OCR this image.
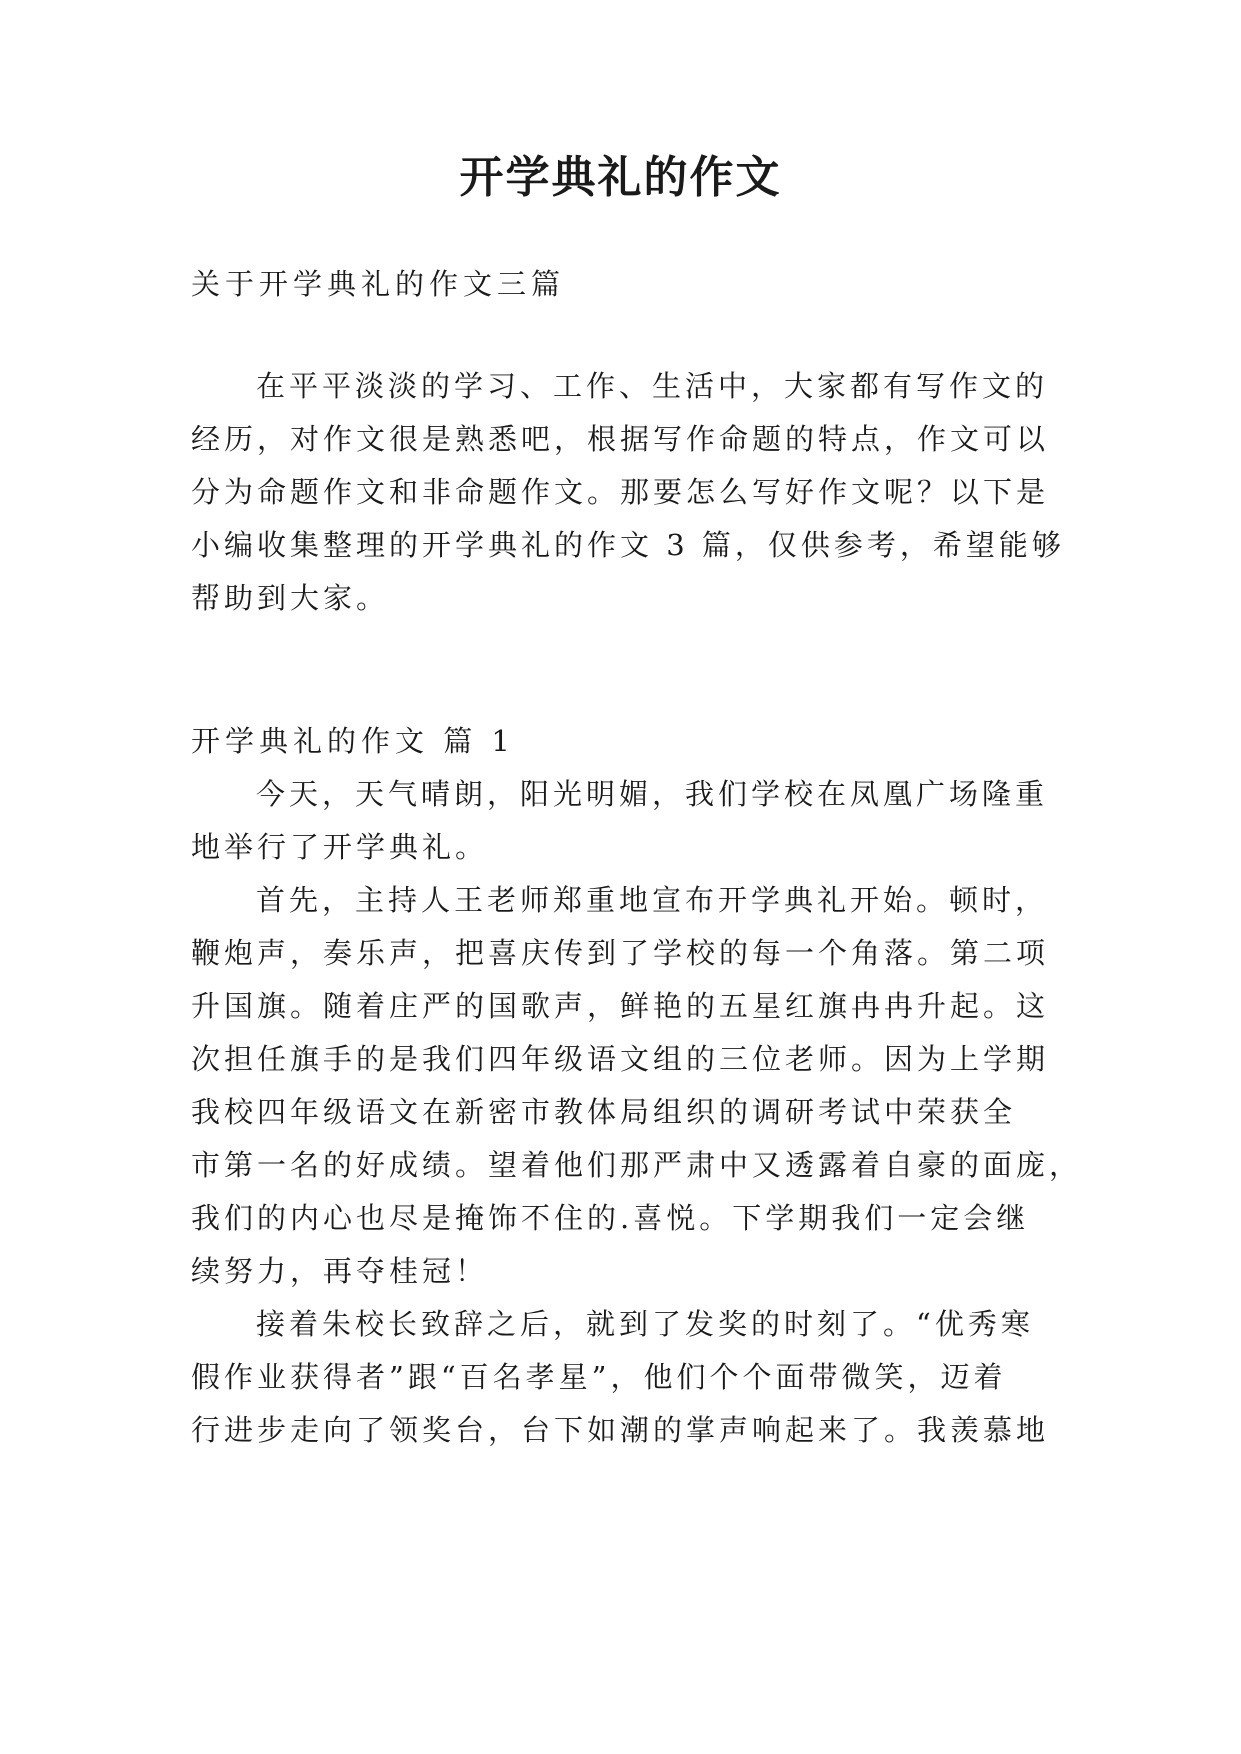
开学典礼的作文

关于开学典礼的作文三篇

在平平淡淡的学习、工作、生活中，大家都有写作文的

经历，对作文很是熟悉吧，根据写作命题的特点，作文可以

分为命题作文和非命题作文。那要怎么写好作文呢？以下是

小编收集整理的开学典礼的作文 3 篇，仅供参考，希望能够

帮助到大家。

开学典礼的作文 篇 1

今天，天气晴朗，阳光明媚，我们学校在凤凰广场隆重

地举行了开学典礼。

首先，主持人王老师郑重地宣布开学典礼开始。顿时，

鞭炮声，奏乐声，把喜庆传到了学校的每一个角落。第二项

升国旗。随着庄严的国歌声，鲜艳的五星红旗冉冉升起。这

次担任旗手的是我们四年级语文组的三位老师。因为上学期

我校四年级语文在新密市教体局组织的调研考试中荣获全

市第一名的好成绩。望着他们那严肃中又透露着自豪的面庞，

我们的内心也尽是掩饰不住的.喜悦。下学期我们一定会继

续努力，再夺桂冠！

接着朱校长致辞之后，就到了发奖的时刻了。“优秀寒

假作业获得者”跟“百名孝星”，他们个个面带微笑，迈着

行进步走向了领奖台，台下如潮的掌声响起来了。我羡慕地
